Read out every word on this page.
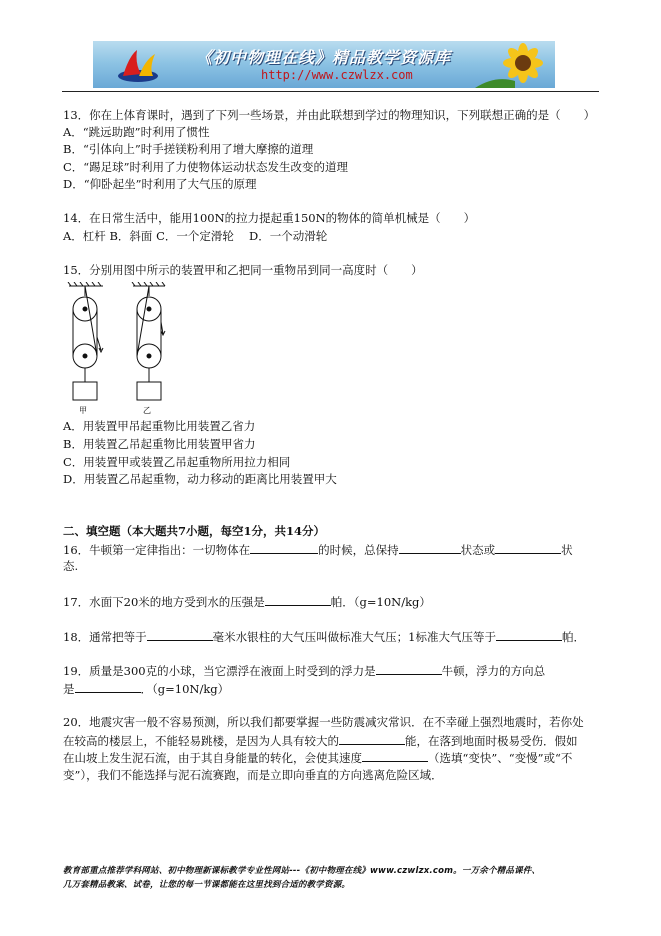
《初中物理在线》精品教学资源库
http://www.czwlzx.com
13．你在上体育课时，遇到了下列一些场景，并由此联想到学过的物理知识，下列联想正确的是（　　）
A．“跳远助跑”时利用了惯性
B．“引体向上”时手搓镁粉利用了增大摩擦的道理
C．“踢足球”时利用了力使物体运动状态发生改变的道理
D．“仰卧起坐”时利用了大气压的原理
14．在日常生活中，能用100N的拉力提起重150N的物体的简单机械是（　　）
A．杠杆 B．斜面 C．一个定滑轮　 D．一个动滑轮
15．分别用图中所示的装置甲和乙把同一重物吊到同一高度时（　　）
甲	乙
A．用装置甲吊起重物比用装置乙省力
B．用装置乙吊起重物比用装置甲省力
C．用装置甲或装置乙吊起重物所用拉力相同
D．用装置乙吊起重物，动力移动的距离比用装置甲大
二、填空题（本大题共7小题，每空1分，共14分）
16．牛顿第一定律指出：一切物体在	的时候，总保持	状态或	状
态.
17．水面下20米的地方受到水的压强是	帕．（g=10N/kg）
18．通常把等于	毫米水银柱的大气压叫做标准大气压；1标准大气压等于	帕．
19．质量是300克的小球，当它漂浮在液面上时受到的浮力是	牛顿，浮力的方向总
是	．（g=10N/kg）
20．地震灾害一般不容易预测，所以我们都要掌握一些防震减灾常识．在不幸碰上强烈地震时，若你处
在较高的楼层上，不能轻易跳楼，是因为人具有较大的	能，在落到地面时极易受伤．假如
在山坡上发生泥石流，由于其自身能量的转化，会使其速度	（选填“变快”、“变慢”或“不
变”），我们不能选择与泥石流赛跑，而是立即向垂直的方向逃离危险区域．
教育部重点推荐学科网站、初中物理新课标教学专业性网站---《初中物理在线》www.czwlzx.com。一万余个精品课件、
几万套精品教案、试卷，让您的每一节课都能在这里找到合适的教学资源。
